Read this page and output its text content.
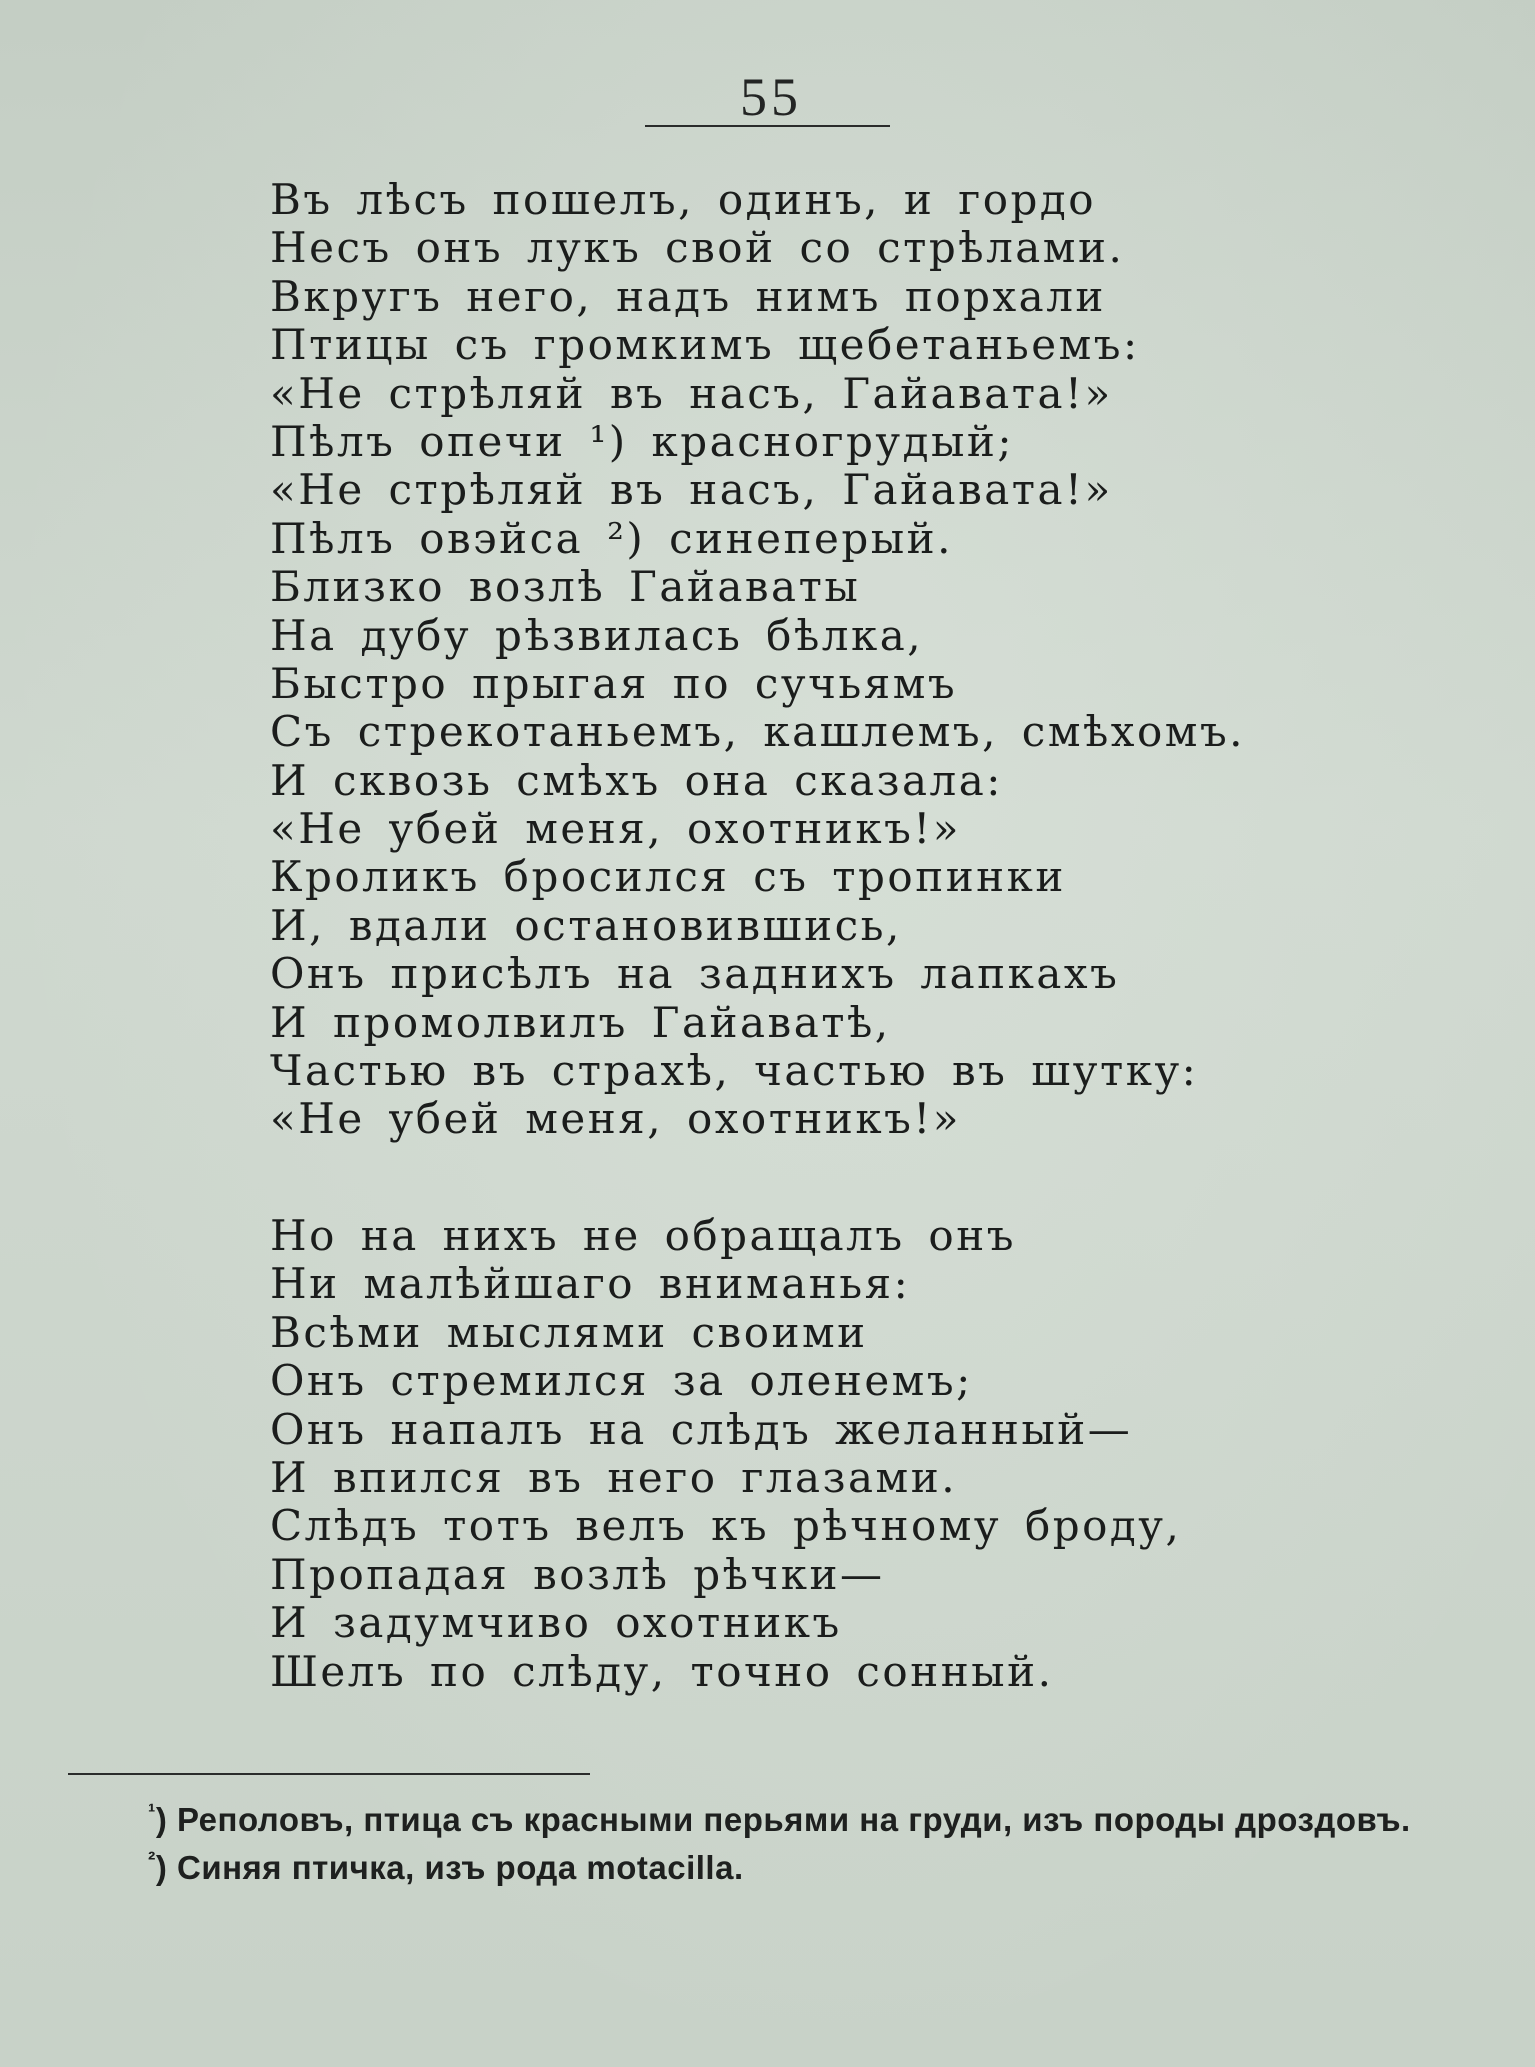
55
Въ лѣсъ пошелъ, одинъ, и гордо
Несъ онъ лукъ свой со стрѣлами.
Вкругъ него, надъ нимъ порхали
Птицы съ громкимъ щебетаньемъ:
«Не стрѣляй въ насъ, Гайавата!»
Пѣлъ опечи ¹) красногрудый;
«Не стрѣляй въ насъ, Гайавата!»
Пѣлъ овэйса ²) синеперый.
Близко возлѣ Гайаваты
На дубу рѣзвилась бѣлка,
Быстро прыгая по сучьямъ
Съ стрекотаньемъ, кашлемъ, смѣхомъ.
И сквозь смѣхъ она сказала:
«Не убей меня, охотникъ!»
Кроликъ бросился съ тропинки
И, вдали остановившись,
Онъ присѣлъ на заднихъ лапкахъ
И промолвилъ Гайаватѣ,
Частью въ страхѣ, частью въ шутку:
«Не убей меня, охотникъ!»
Но на нихъ не обращалъ онъ
Ни малѣйшаго вниманья:
Всѣми мыслями своими
Онъ стремился за оленемъ;
Онъ напалъ на слѣдъ желанный—
И впился въ него глазами.
Слѣдъ тотъ велъ къ рѣчному броду,
Пропадая возлѣ рѣчки—
И задумчиво охотникъ
Шелъ по слѣду, точно сонный.
$^{^1}$) Реполовъ, птица съ красными перьями на груди, изъ породы дроздовъ.
$^{^2}$) Синяя птичка, изъ рода motacilla.
